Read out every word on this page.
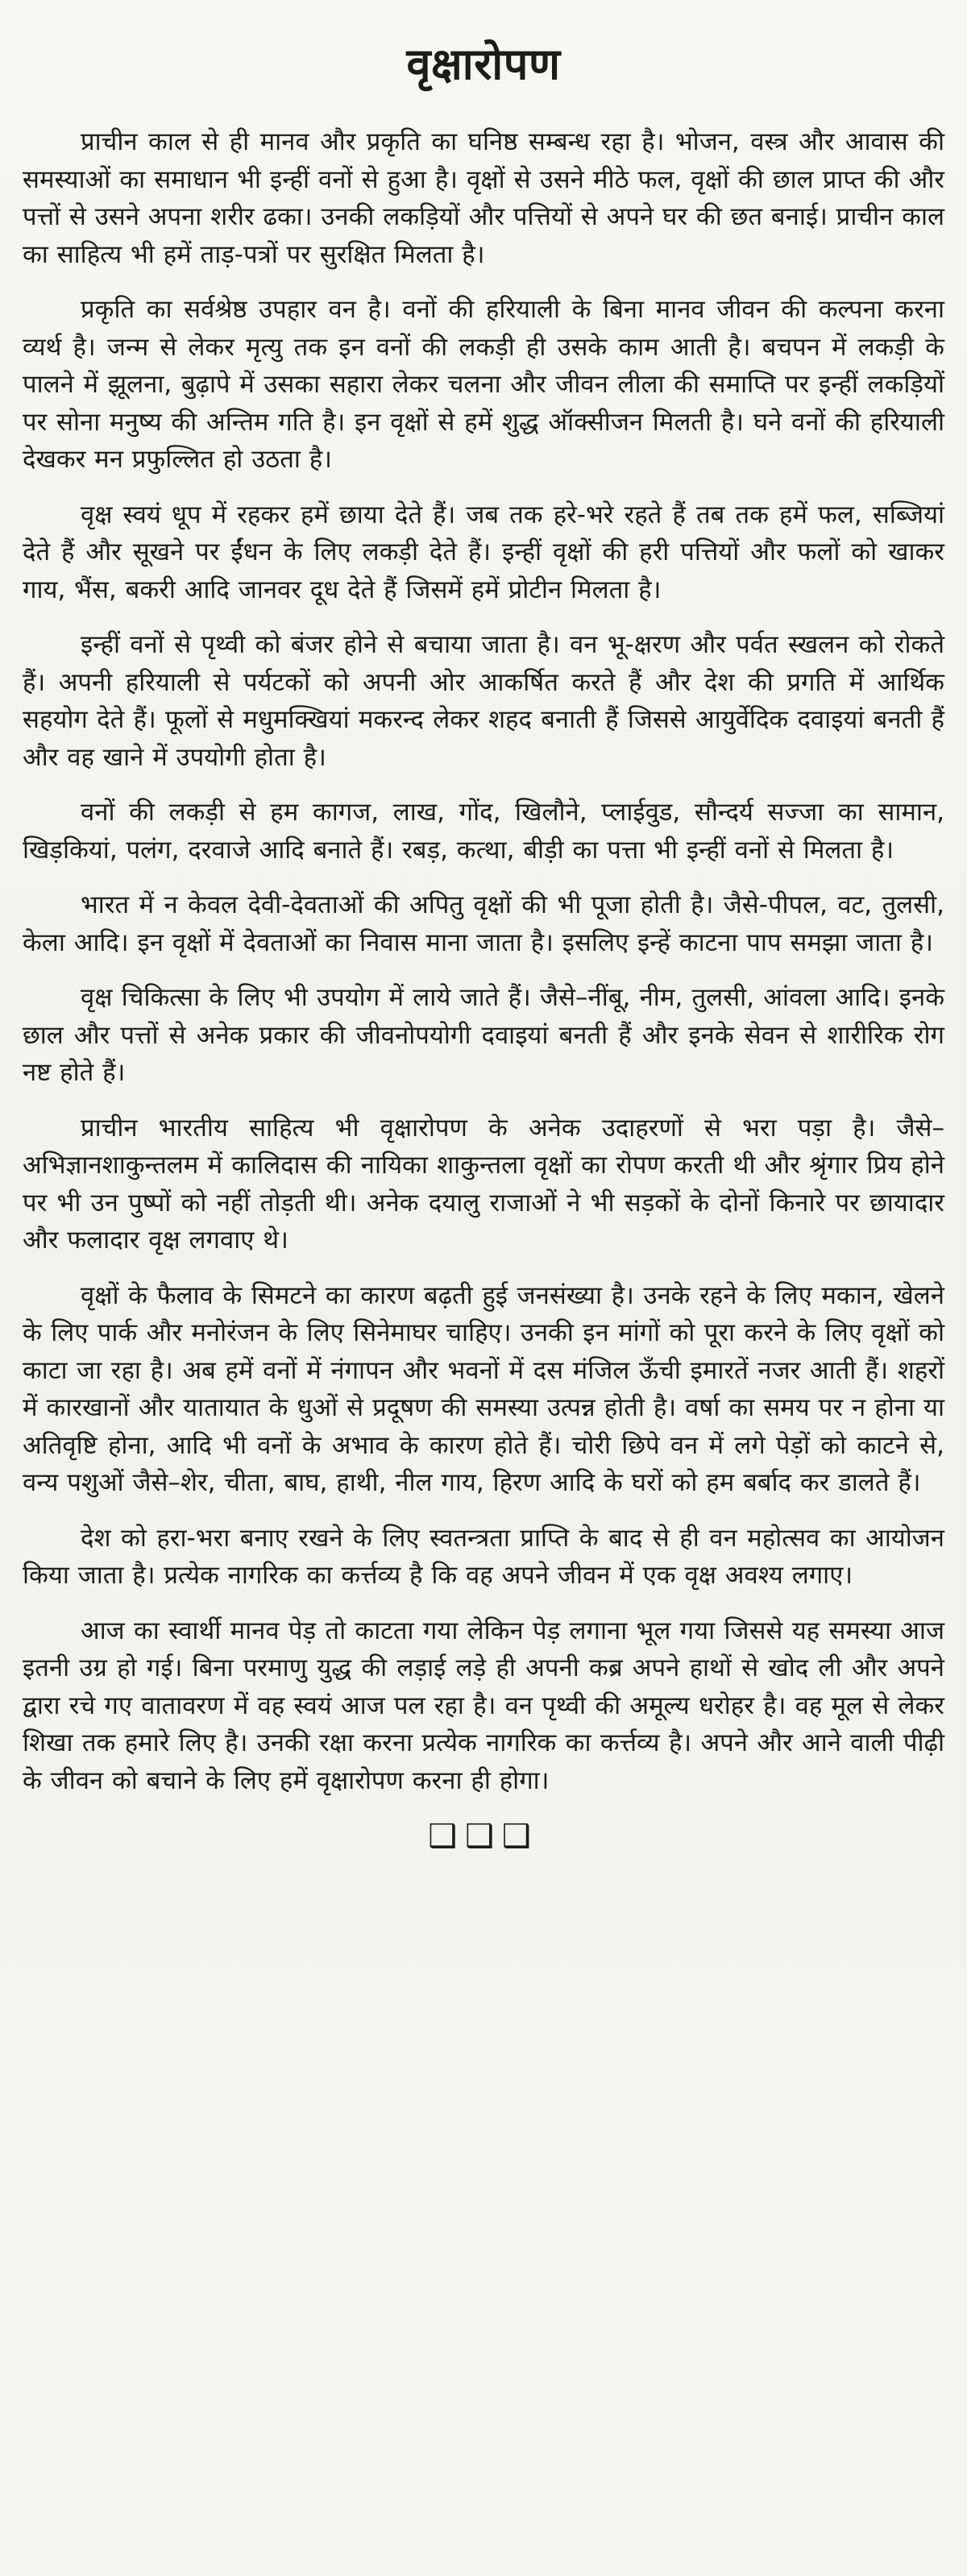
वृक्षारोपण

प्राचीन काल से ही मानव और प्रकृति का घनिष्ठ सम्बन्ध रहा है। भोजन, वस्त्र और आवास की समस्याओं का समाधान भी इन्हीं वनों से हुआ है। वृक्षों से उसने मीठे फल, वृक्षों की छाल प्राप्त की और पत्तों से उसने अपना शरीर ढका। उनकी लकड़ियों और पत्तियों से अपने घर की छत बनाई। प्राचीन काल का साहित्य भी हमें ताड़-पत्रों पर सुरक्षित मिलता है।

प्रकृति का सर्वश्रेष्ठ उपहार वन है। वनों की हरियाली के बिना मानव जीवन की कल्पना करना व्यर्थ है। जन्म से लेकर मृत्यु तक इन वनों की लकड़ी ही उसके काम आती है। बचपन में लकड़ी के पालने में झूलना, बुढ़ापे में उसका सहारा लेकर चलना और जीवन लीला की समाप्ति पर इन्हीं लकड़ियों पर सोना मनुष्य की अन्तिम गति है। इन वृक्षों से हमें शुद्ध ऑक्सीजन मिलती है। घने वनों की हरियाली देखकर मन प्रफुल्लित हो उठता है।

वृक्ष स्वयं धूप में रहकर हमें छाया देते हैं। जब तक हरे-भरे रहते हैं तब तक हमें फल, सब्जियां देते हैं और सूखने पर ईंधन के लिए लकड़ी देते हैं। इन्हीं वृक्षों की हरी पत्तियों और फलों को खाकर गाय, भैंस, बकरी आदि जानवर दूध देते हैं जिसमें हमें प्रोटीन मिलता है।

इन्हीं वनों से पृथ्वी को बंजर होने से बचाया जाता है। वन भू-क्षरण और पर्वत स्खलन को रोकते हैं। अपनी हरियाली से पर्यटकों को अपनी ओर आकर्षित करते हैं और देश की प्रगति में आर्थिक सहयोग देते हैं। फूलों से मधुमक्खियां मकरन्द लेकर शहद बनाती हैं जिससे आयुर्वेदिक दवाइयां बनती हैं और वह खाने में उपयोगी होता है।

वनों की लकड़ी से हम कागज, लाख, गोंद, खिलौने, प्लाईवुड, सौन्दर्य सज्जा का सामान, खिड़कियां, पलंग, दरवाजे आदि बनाते हैं। रबड़, कत्था, बीड़ी का पत्ता भी इन्हीं वनों से मिलता है।

भारत में न केवल देवी-देवताओं की अपितु वृक्षों की भी पूजा होती है। जैसे-पीपल, वट, तुलसी, केला आदि। इन वृक्षों में देवताओं का निवास माना जाता है। इसलिए इन्हें काटना पाप समझा जाता है।

वृक्ष चिकित्सा के लिए भी उपयोग में लाये जाते हैं। जैसे–नींबू, नीम, तुलसी, आंवला आदि। इनके छाल और पत्तों से अनेक प्रकार की जीवनोपयोगी दवाइयां बनती हैं और इनके सेवन से शारीरिक रोग नष्ट होते हैं।

प्राचीन भारतीय साहित्य भी वृक्षारोपण के अनेक उदाहरणों से भरा पड़ा है। जैसे–अभिज्ञानशाकुन्तलम में कालिदास की नायिका शाकुन्तला वृक्षों का रोपण करती थी और श्रृंगार प्रिय होने पर भी उन पुष्पों को नहीं तोड़ती थी। अनेक दयालु राजाओं ने भी सड़कों के दोनों किनारे पर छायादार और फलादार वृक्ष लगवाए थे।

वृक्षों के फैलाव के सिमटने का कारण बढ़ती हुई जनसंख्या है। उनके रहने के लिए मकान, खेलने के लिए पार्क और मनोरंजन के लिए सिनेमाघर चाहिए। उनकी इन मांगों को पूरा करने के लिए वृक्षों को काटा जा रहा है। अब हमें वनों में नंगापन और भवनों में दस मंजिल ऊँची इमारतें नजर आती हैं। शहरों में कारखानों और यातायात के धुओं से प्रदूषण की समस्या उत्पन्न होती है। वर्षा का समय पर न होना या अतिवृष्टि होना, आदि भी वनों के अभाव के कारण होते हैं। चोरी छिपे वन में लगे पेड़ों को काटने से, वन्य पशुओं जैसे–शेर, चीता, बाघ, हाथी, नील गाय, हिरण आदि के घरों को हम बर्बाद कर डालते हैं।

देश को हरा-भरा बनाए रखने के लिए स्वतन्त्रता प्राप्ति के बाद से ही वन महोत्सव का आयोजन किया जाता है। प्रत्येक नागरिक का कर्त्तव्य है कि वह अपने जीवन में एक वृक्ष अवश्य लगाए।

आज का स्वार्थी मानव पेड़ तो काटता गया लेकिन पेड़ लगाना भूल गया जिससे यह समस्या आज इतनी उग्र हो गई। बिना परमाणु युद्ध की लड़ाई लड़े ही अपनी कब्र अपने हाथों से खोद ली और अपने द्वारा रचे गए वातावरण में वह स्वयं आज पल रहा है। वन पृथ्वी की अमूल्य धरोहर है। वह मूल से लेकर शिखा तक हमारे लिए है। उनकी रक्षा करना प्रत्येक नागरिक का कर्त्तव्य है। अपने और आने वाली पीढ़ी के जीवन को बचाने के लिए हमें वृक्षारोपण करना ही होगा।

❑❑❑
